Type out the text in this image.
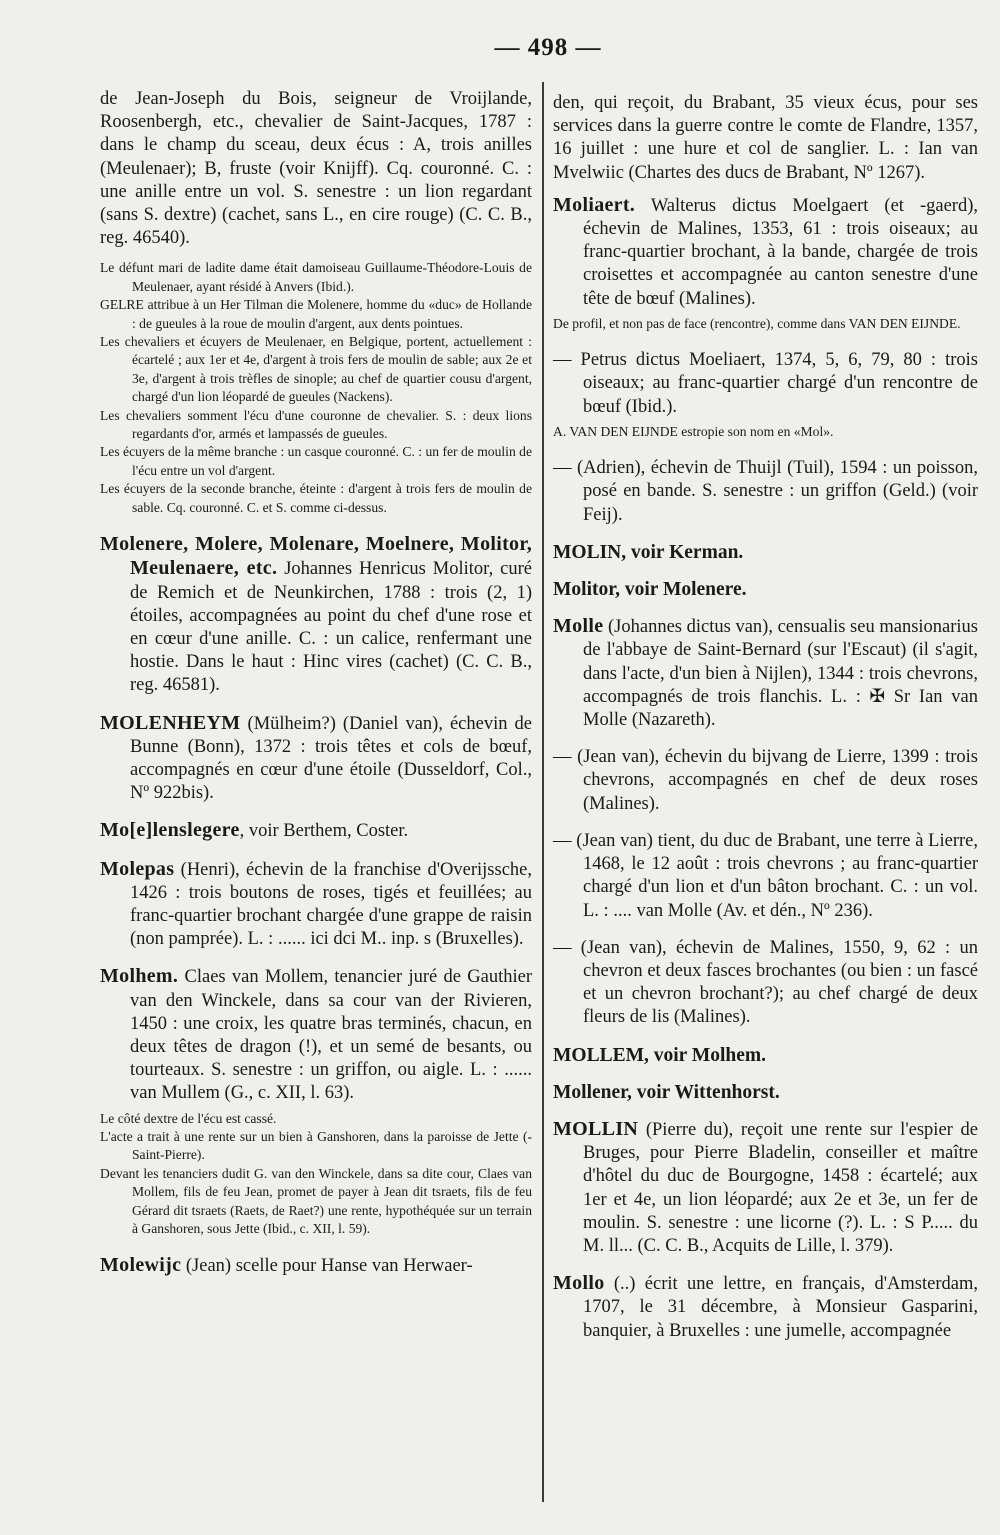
— 498 —

de Jean-Joseph du Bois, seigneur de Vroijlande, Roosenbergh, etc., chevalier de Saint-Jacques, 1787 : dans le champ du sceau, deux écus : A, trois anilles (Meulenaer); B, fruste (voir Knijff). Cq. couronné. C. : une anille entre un vol. S. senestre : un lion regardant (sans S. dextre) (cachet, sans L., en cire rouge) (C. C. B., reg. 46540).

Le défunt mari de ladite dame était damoiseau Guillaume-Théodore-Louis de Meulenaer, ayant résidé à Anvers (Ibid.).

GELRE attribue à un Her Tilman die Molenere, homme du «duc» de Hollande : de gueules à la roue de moulin d'argent, aux dents pointues.

Les chevaliers et écuyers de Meulenaer, en Belgique, portent, actuellement : écartelé ; aux 1er et 4e, d'argent à trois fers de moulin de sable; aux 2e et 3e, d'argent à trois trèfles de sinople; au chef de quartier cousu d'argent, chargé d'un lion léopardé de gueules (Nackens).

Les chevaliers somment l'écu d'une couronne de chevalier. S. : deux lions regardants d'or, armés et lampassés de gueules.

Les écuyers de la même branche : un casque couronné. C. : un fer de moulin de l'écu entre un vol d'argent.

Les écuyers de la seconde branche, éteinte : d'argent à trois fers de moulin de sable. Cq. couronné. C. et S. comme ci-dessus.

Molenere, Molere, Molenare, Moelnere, Molitor, Meulenaere, etc. Johannes Henricus Molitor, curé de Remich et de Neunkirchen, 1788 : trois (2, 1) étoiles, accompagnées au point du chef d'une rose et en cœur d'une anille. C. : un calice, renfermant une hostie. Dans le haut : Hinc vires (cachet) (C. C. B., reg. 46581).

MOLENHEYM (Mülheim?) (Daniel van), échevin de Bunne (Bonn), 1372 : trois têtes et cols de bœuf, accompagnés en cœur d'une étoile (Dusseldorf, Col., Nº 922bis).

Mo[e]lenslegere, voir Berthem, Coster.

Molepas (Henri), échevin de la franchise d'Overijssche, 1426 : trois boutons de roses, tigés et feuillées; au franc-quartier brochant chargée d'une grappe de raisin (non pamprée). L. : ...... ici dci M.. inp. s (Bruxelles).

Molhem. Claes van Mollem, tenancier juré de Gauthier van den Winckele, dans sa cour van der Rivieren, 1450 : une croix, les quatre bras terminés, chacun, en deux têtes de dragon (!), et un semé de besants, ou tourteaux. S. senestre : un griffon, ou aigle. L. : ...... van Mullem (G., c. XII, l. 63).

Le côté dextre de l'écu est cassé.

L'acte a trait à une rente sur un bien à Ganshoren, dans la paroisse de Jette (-Saint-Pierre).

Devant les tenanciers dudit G. van den Winckele, dans sa dite cour, Claes van Mollem, fils de feu Jean, promet de payer à Jean dit tsraets, fils de feu Gérard dit tsraets (Raets, de Raet?) une rente, hypothéquée sur un terrain à Ganshoren, sous Jette (Ibid., c. XII, l. 59).

Molewijc (Jean) scelle pour Hanse van Herwaer-

den, qui reçoit, du Brabant, 35 vieux écus, pour ses services dans la guerre contre le comte de Flandre, 1357, 16 juillet : une hure et col de sanglier. L. : Ian van Mvelwiic (Chartes des ducs de Brabant, Nº 1267).

Moliaert. Walterus dictus Moelgaert (et -gaerd), échevin de Malines, 1353, 61 : trois oiseaux; au franc-quartier brochant, à la bande, chargée de trois croisettes et accompagnée au canton senestre d'une tête de bœuf (Malines).

De profil, et non pas de face (rencontre), comme dans VAN DEN EIJNDE.

— Petrus dictus Moeliaert, 1374, 5, 6, 79, 80 : trois oiseaux; au franc-quartier chargé d'un rencontre de bœuf (Ibid.).

A. VAN DEN EIJNDE estropie son nom en «Mol».

— (Adrien), échevin de Thuijl (Tuil), 1594 : un poisson, posé en bande. S. senestre : un griffon (Geld.) (voir Feij).

MOLIN, voir Kerman.

Molitor, voir Molenere.

Molle (Johannes dictus van), censualis seu mansionarius de l'abbaye de Saint-Bernard (sur l'Escaut) (il s'agit, dans l'acte, d'un bien à Nijlen), 1344 : trois chevrons, accompagnés de trois flanchis. L. : ✠ Sr Ian van Molle (Nazareth).

— (Jean van), échevin du bijvang de Lierre, 1399 : trois chevrons, accompagnés en chef de deux roses (Malines).

— (Jean van) tient, du duc de Brabant, une terre à Lierre, 1468, le 12 août : trois chevrons ; au franc-quartier chargé d'un lion et d'un bâton brochant. C. : un vol. L. : .... van Molle (Av. et dén., Nº 236).

— (Jean van), échevin de Malines, 1550, 9, 62 : un chevron et deux fasces brochantes (ou bien : un fascé et un chevron brochant?); au chef chargé de deux fleurs de lis (Malines).

MOLLEM, voir Molhem.

Mollener, voir Wittenhorst.

MOLLIN (Pierre du), reçoit une rente sur l'espier de Bruges, pour Pierre Bladelin, conseiller et maître d'hôtel du duc de Bourgogne, 1458 : écartelé; aux 1er et 4e, un lion léopardé; aux 2e et 3e, un fer de moulin. S. senestre : une licorne (?). L. : S P..... du M. ll... (C. C. B., Acquits de Lille, l. 379).

Mollo (..) écrit une lettre, en français, d'Amsterdam, 1707, le 31 décembre, à Monsieur Gasparini, banquier, à Bruxelles : une jumelle, accompagnée
